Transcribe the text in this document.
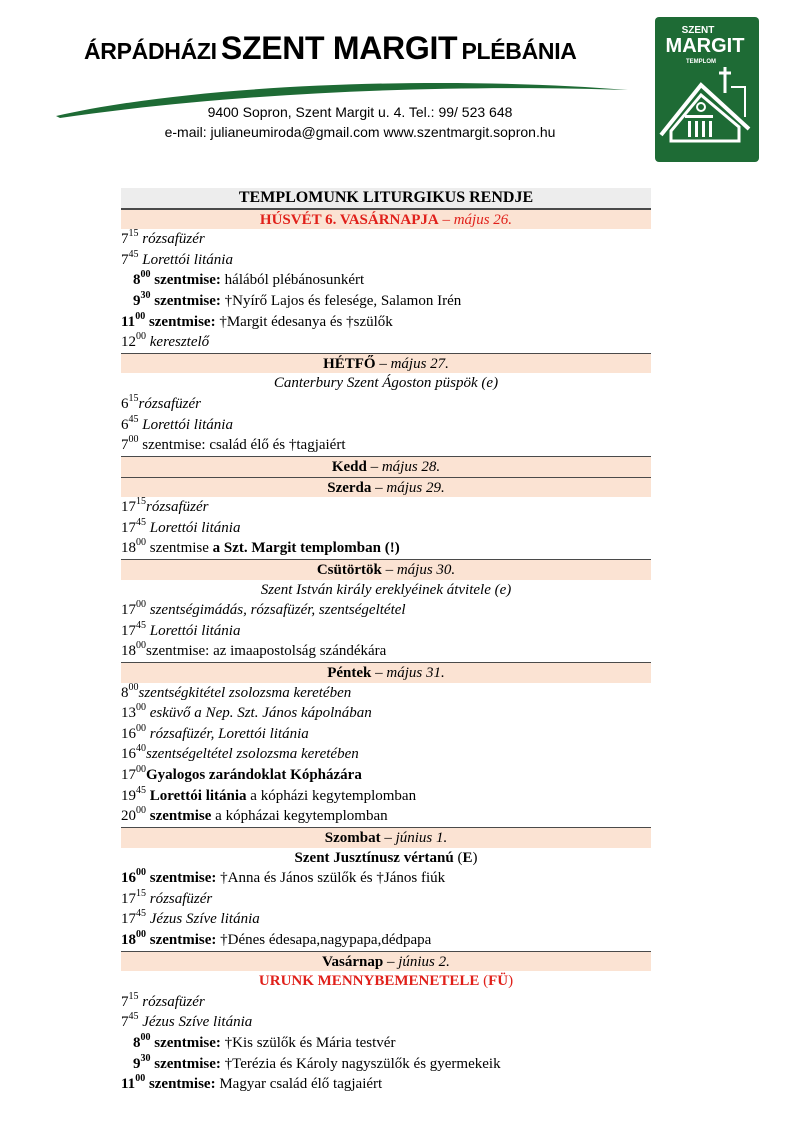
ÁRPÁDHÁZI SZENT MARGIT PLÉBÁNIA
9400 Sopron, Szent Margit u. 4. Tel.: 99/ 523 648
e-mail: julianeumiroda@gmail.com www.szentmargit.sopron.hu
SZENT
MARGIT
TEMPLOM
TEMPLOMUNK LITURGIKUS RENDJE
HÚSVÉT 6. VASÁRNAPJA – május 26.
$7^{15}$ rózsafüzér
$7^{45}$ Lorettói litánia
$8^{00}$ szentmise: hálából plébánosunkért
$9^{30}$ szentmise: †Nyírő Lajos és felesége, Salamon Irén
$11^{00}$ szentmise: †Margit édesanya és †szülők
$12^{00}$ keresztelő
HÉTFŐ – május 27.
Canterbury Szent Ágoston püspök (e)
$6^{15}rózsafüzér$
$6^{45}$ Lorettói litánia
$7^{00}$ szentmise: család élő és †tagjaiért
Kedd – május 28.
Szerda – május 29.
$17^{15}rózsafüzér$
$17^{45}$ Lorettói litánia
$18^{00}$ szentmise a Szt. Margit templomban (!)
Csütörtök – május 30.
Szent István király ereklyéinek átvitele (e)
$17^{00}$ szentségimádás, rózsafüzér, szentségeltétel
$17^{45}$ Lorettói litánia
$18^{00}szentmise$: az imaapostolság szándékára
Péntek – május 31.
$8^{00}szentségkitétel$ zsolozsma keretében
$13^{00}$ esküvő a Nep. Szt. János kápolnában
$16^{00}$ rózsafüzér, Lorettói litánia
$16^{40}szentségeltétel$ zsolozsma keretében
$17^{00}Gyalogos$ zarándoklat Kópházára
$19^{45}$ Lorettói litánia a kópházi kegytemplomban
$20^{00}$ szentmise a kópházai kegytemplomban
Szombat – június 1.
Szent Jusztínusz vértanú (E)
$16^{00}$ szentmise: †Anna és János szülők és †János fiúk
$17^{15}$ rózsafüzér
$17^{45}$ Jézus Szíve litánia
$18^{00}$ szentmise: †Dénes édesapa,nagypapa,dédpapa
Vasárnap – június 2.
URUNK MENNYBEMENETELE (FÜ)
$7^{15}$ rózsafüzér
$7^{45}$ Jézus Szíve litánia
$8^{00}$ szentmise: †Kis szülők és Mária testvér
$9^{30}$ szentmise: †Terézia és Károly nagyszülők és gyermekeik
$11^{00}$ szentmise: Magyar család élő tagjaiért
